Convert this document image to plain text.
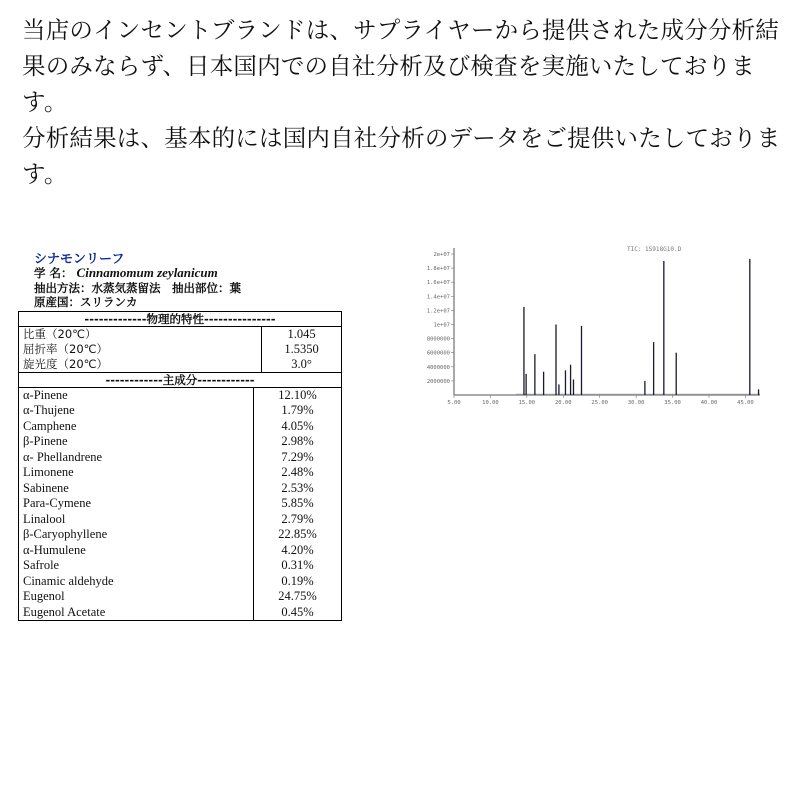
当店のインセントブランドは、サプライヤーから提供された成分分析結果のみならず、日本国内での自社分析及び検査を実施いたしております。

分析結果は、基本的には国内自社分析のデータをご提供いたしております。

シナモンリーフ
学 名： Cinnamomum zeylanicum
抽出方法：水蒸気蒸留法　抽出部位：葉
原産国：スリランカ
-------------物理的特性---------------
比重（20℃）	1.045
屈折率（20℃）	1.5350
旋光度（20℃）	3.0°
------------主成分------------
α-Pinene	12.10%
α-Thujene	1.79%
Camphene	4.05%
β-Pinene	2.98%
α- Phellandrene	7.29%
Limonene	2.48%
Sabinene	2.53%
Para-Cymene	5.85%
Linalool	2.79%
β-Caryophyllene	22.85%
α-Humulene	4.20%
Safrole	0.31%
Cinamic aldehyde	0.19%
Eugenol	24.75%
Eugenol Acetate	0.45%
TIC: 1S918G10.D
2000000
4000000
6000000
8000000
1e+07
1.2e+07
1.4e+07
1.6e+07
1.8e+07
2e+07
5.00	10.00	15.00	20.00	25.00	30.00	35.00	40.00	45.00
